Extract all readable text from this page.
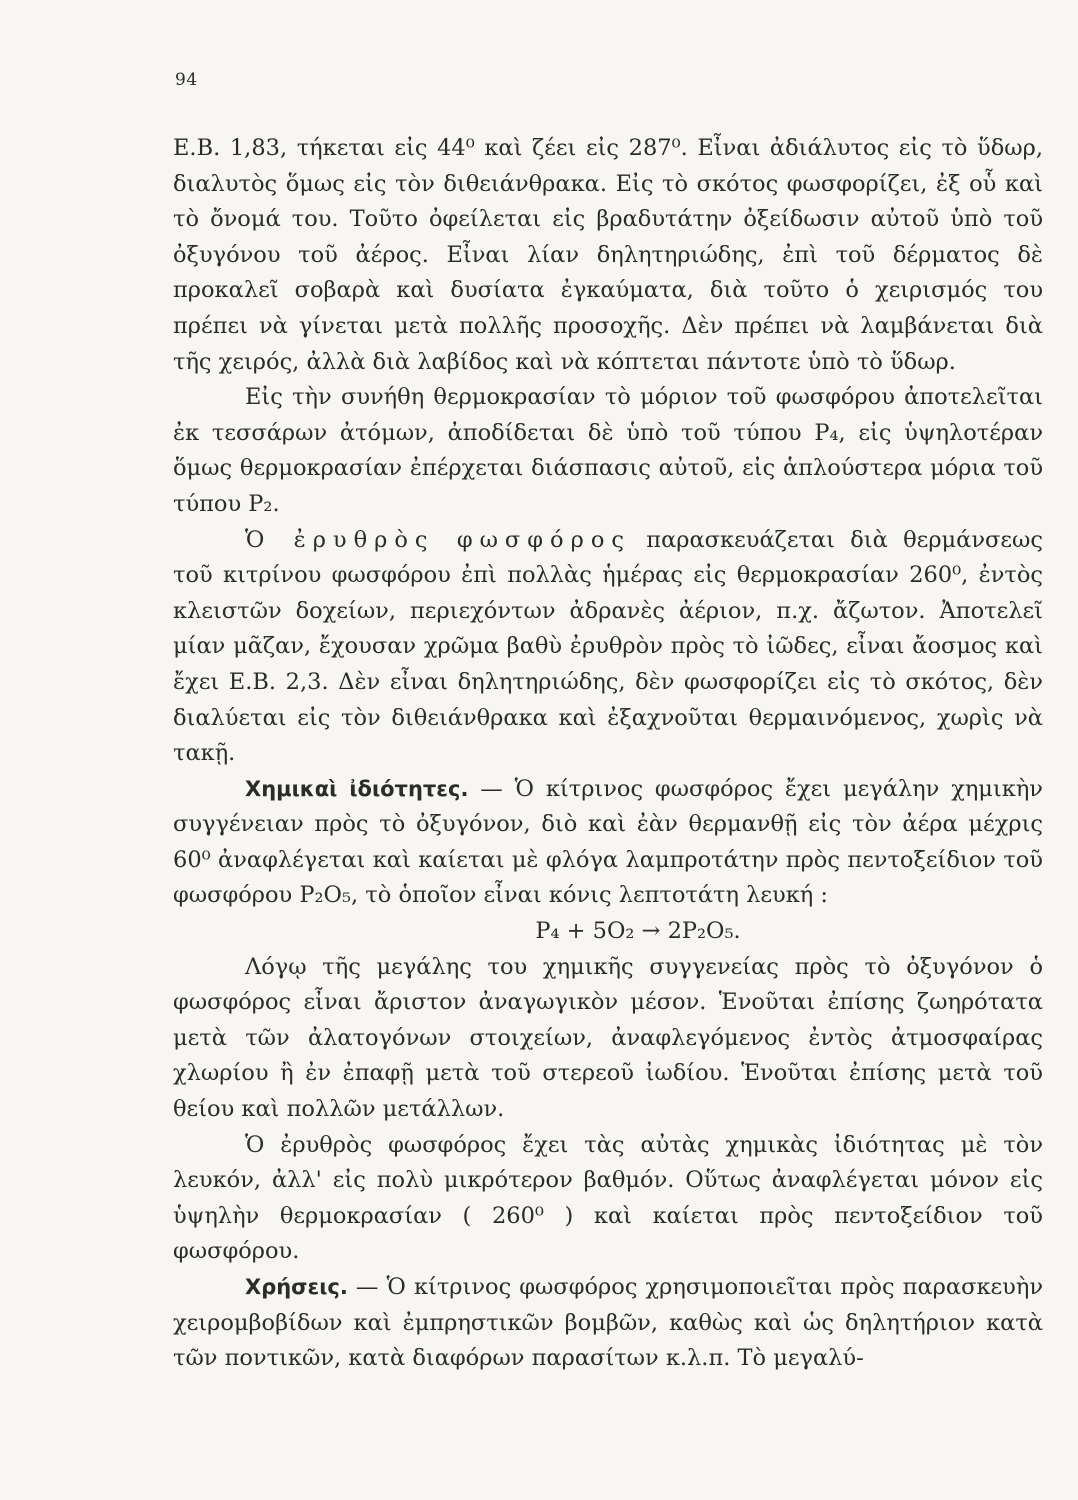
94

Ε.Β. 1,83, τήκεται εἰς 44⁰ καὶ ζέει εἰς 287⁰. Εἶναι ἀδιάλυτος εἰς τὸ ὕδωρ, διαλυτὸς ὅμως εἰς τὸν διθειάνθρακα. Εἰς τὸ σκότος φωσφορίζει, ἐξ οὗ καὶ τὸ ὄνομά του. Τοῦτο ὀφείλεται εἰς βραδυτάτην ὀξείδωσιν αὐτοῦ ὑπὸ τοῦ ὀξυγόνου τοῦ ἀέρος. Εἶναι λίαν δηλητηριώδης, ἐπὶ τοῦ δέρματος δὲ προκαλεῖ σοβαρὰ καὶ δυσίατα ἐγκαύματα, διὰ τοῦτο ὁ χειρισμός του πρέπει νὰ γίνεται μετὰ πολλῆς προσοχῆς. Δὲν πρέπει νὰ λαμβάνεται διὰ τῆς χειρός, ἀλλὰ διὰ λαβίδος καὶ νὰ κόπτεται πάντοτε ὑπὸ τὸ ὕδωρ.

Εἰς τὴν συνήθη θερμοκρασίαν τὸ μόριον τοῦ φωσφόρου ἀποτελεῖται ἐκ τεσσάρων ἀτόμων, ἀποδίδεται δὲ ὑπὸ τοῦ τύπου P₄, εἰς ὑψηλοτέραν ὅμως θερμοκρασίαν ἐπέρχεται διάσπασις αὐτοῦ, εἰς ἁπλούστερα μόρια τοῦ τύπου P₂.

Ὁ ἐρυθρὸς φωσφόρος παρασκευάζεται διὰ θερμάνσεως τοῦ κιτρίνου φωσφόρου ἐπὶ πολλὰς ἡμέρας εἰς θερμοκρασίαν 260⁰, ἐντὸς κλειστῶν δοχείων, περιεχόντων ἀδρανὲς ἀέριον, π.χ. ἄζωτον. Ἀποτελεῖ μίαν μᾶζαν, ἔχουσαν χρῶμα βαθὺ ἐρυθρὸν πρὸς τὸ ἰῶδες, εἶναι ἄοσμος καὶ ἔχει Ε.Β. 2,3. Δὲν εἶναι δηλητηριώδης, δὲν φωσφορίζει εἰς τὸ σκότος, δὲν διαλύεται εἰς τὸν διθειάνθρακα καὶ ἐξαχνοῦται θερμαινόμενος, χωρὶς νὰ τακῇ.

Χημικαὶ ἰδιότητες. — Ὁ κίτρινος φωσφόρος ἔχει μεγάλην χημικὴν συγγένειαν πρὸς τὸ ὀξυγόνον, διὸ καὶ ἐὰν θερμανθῇ εἰς τὸν ἀέρα μέχρις 60⁰ ἀναφλέγεται καὶ καίεται μὲ φλόγα λαμπροτάτην πρὸς πεντοξείδιον τοῦ φωσφόρου P₂O₅, τὸ ὁποῖον εἶναι κόνις λεπτοτάτη λευκή :

P₄ + 5O₂ → 2P₂O₅.

Λόγῳ τῆς μεγάλης του χημικῆς συγγενείας πρὸς τὸ ὀξυγόνον ὁ φωσφόρος εἶναι ἄριστον ἀναγωγικὸν μέσον. Ἑνοῦται ἐπίσης ζωηρότατα μετὰ τῶν ἀλατογόνων στοιχείων, ἀναφλεγόμενος ἐντὸς ἀτμοσφαίρας χλωρίου ἢ ἐν ἐπαφῇ μετὰ τοῦ στερεοῦ ἰωδίου. Ἑνοῦται ἐπίσης μετὰ τοῦ θείου καὶ πολλῶν μετάλλων.

Ὁ ἐρυθρὸς φωσφόρος ἔχει τὰς αὐτὰς χημικὰς ἰδιότητας μὲ τὸν λευκόν, ἀλλ' εἰς πολὺ μικρότερον βαθμόν. Οὕτως ἀναφλέγεται μόνον εἰς ὑψηλὴν θερμοκρασίαν ( 260⁰ ) καὶ καίεται πρὸς πεντοξείδιον τοῦ φωσφόρου.

Χρήσεις. — Ὁ κίτρινος φωσφόρος χρησιμοποιεῖται πρὸς παρασκευὴν χειρομβοβίδων καὶ ἐμπρηστικῶν βομβῶν, καθὼς καὶ ὡς δηλητήριον κατὰ τῶν ποντικῶν, κατὰ διαφόρων παρασίτων κ.λ.π. Τὸ μεγαλύ-
